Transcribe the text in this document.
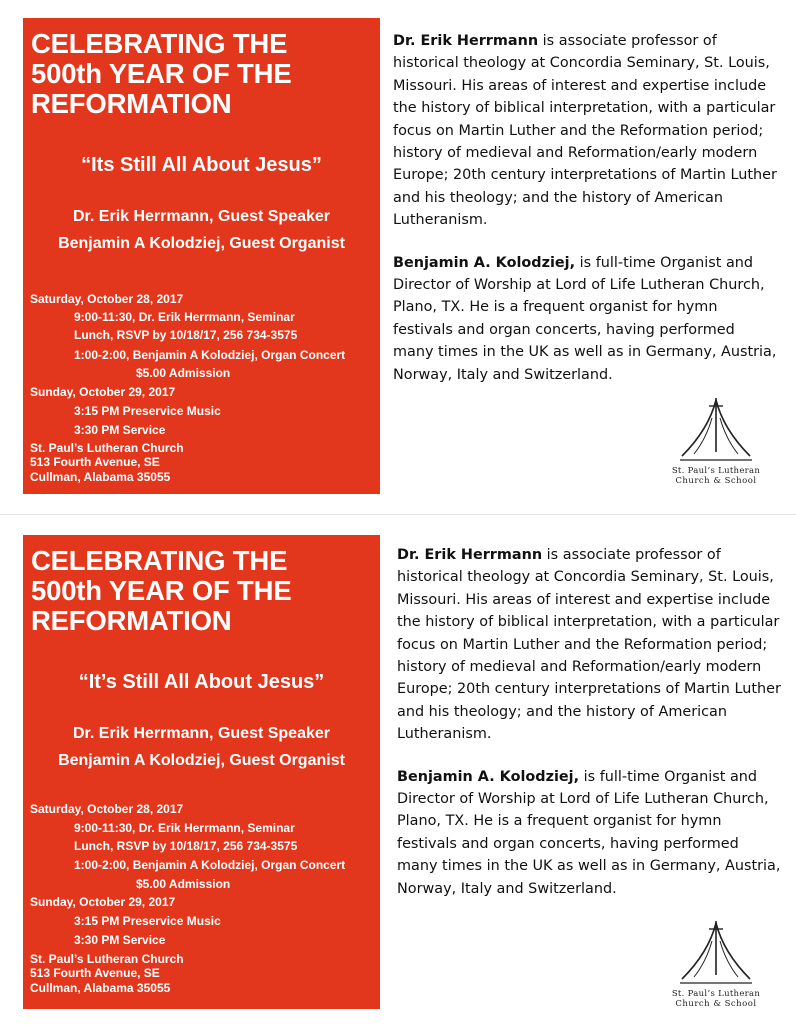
CELEBRATING THE
500th YEAR OF THE
REFORMATION
“Its Still All About Jesus”
Dr. Erik Herrmann, Guest Speaker
Benjamin A Kolodziej, Guest Organist
Saturday, October 28, 2017
9:00-11:30, Dr. Erik Herrmann, Seminar
Lunch, RSVP by 10/18/17, 256 734-3575
1:00-2:00, Benjamin A Kolodziej, Organ Concert
$5.00 Admission
Sunday, October 29, 2017
3:15 PM Preservice Music
3:30 PM Service
St. Paul’s Lutheran Church
513 Fourth Avenue, SE
Cullman, Alabama 35055

Dr. Erik Herrmann is associate professor of historical theology at Concordia Seminary, St. Louis, Missouri. His areas of interest and expertise include the history of biblical interpretation, with a particular focus on Martin Luther and the Reformation period; history of medieval and Reformation/early modern Europe; 20th century interpretations of Martin Luther and his theology; and the history of American Lutheranism.

Benjamin A. Kolodziej, is full-time Organist and Director of Worship at Lord of Life Lutheran Church, Plano, TX. He is a frequent organist for hymn festivals and organ concerts, having performed many times in the UK as well as in Germany, Austria, Norway, Italy and Switzerland.

St. Paul’s Lutheran
Church & School
CELEBRATING THE
500th YEAR OF THE
REFORMATION
“It’s Still All About Jesus”
Dr. Erik Herrmann, Guest Speaker
Benjamin A Kolodziej, Guest Organist
Saturday, October 28, 2017
9:00-11:30, Dr. Erik Herrmann, Seminar
Lunch, RSVP by 10/18/17, 256 734-3575
1:00-2:00, Benjamin A Kolodziej, Organ Concert
$5.00 Admission
Sunday, October 29, 2017
3:15 PM Preservice Music
3:30 PM Service
St. Paul’s Lutheran Church
513 Fourth Avenue, SE
Cullman, Alabama 35055

Dr. Erik Herrmann is associate professor of historical theology at Concordia Seminary, St. Louis, Missouri. His areas of interest and expertise include the history of biblical interpretation, with a particular focus on Martin Luther and the Reformation period; history of medieval and Reformation/early modern Europe; 20th century interpretations of Martin Luther and his theology; and the history of American Lutheranism.

Benjamin A. Kolodziej, is full-time Organist and Director of Worship at Lord of Life Lutheran Church, Plano, TX. He is a frequent organist for hymn festivals and organ concerts, having performed many times in the UK as well as in Germany, Austria, Norway, Italy and Switzerland.

St. Paul’s Lutheran
Church & School
